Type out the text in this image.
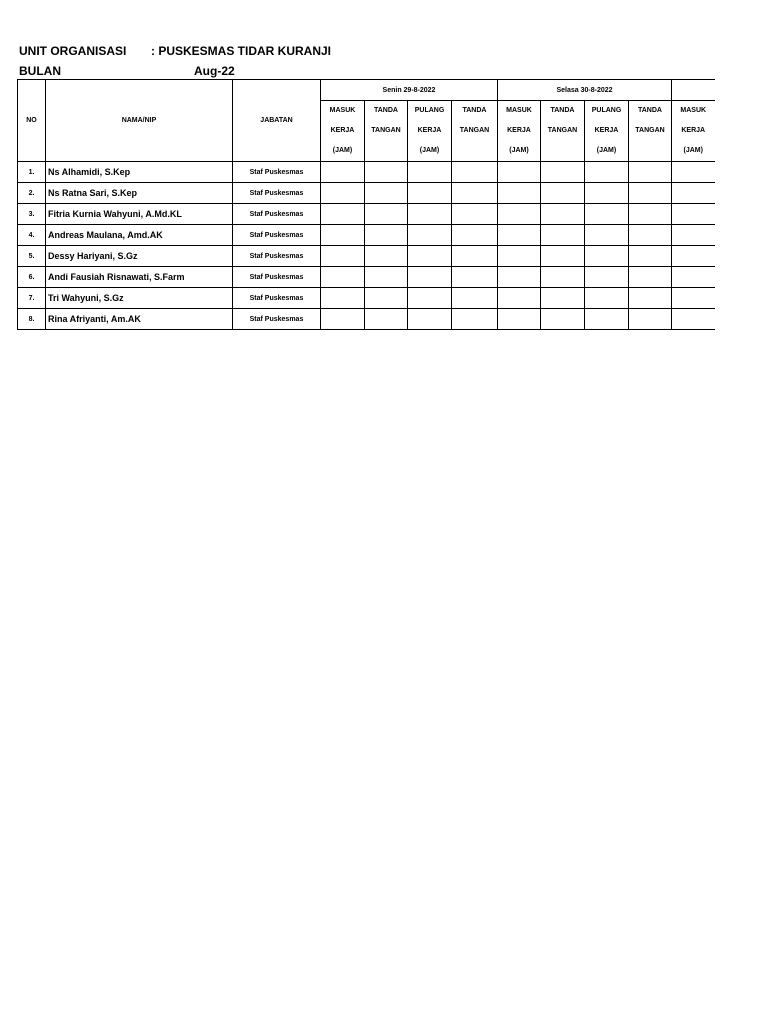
UNIT ORGANISASI : PUSKESMAS TIDAR KURANJI
BULAN	Aug-22
NO	NAMA/NIP	JABATAN	Senin 29-8-2022				Selasa 30-8-2022				

			MASUK
KERJA
(JAM)	TANDA
TANGAN	PULANG
KERJA
(JAM)	TANDA
TANGAN	MASUK
KERJA
(JAM)	TANDA
TANGAN	PULANG
KERJA
(JAM)	TANDA
TANGAN	MASUK
KERJA
(JAM)

1.	Ns Alhamidi, S.Kep	Staf Puskesmas									
2.	Ns Ratna Sari, S.Kep	Staf Puskesmas									
3.	Fitria Kurnia Wahyuni, A.Md.KL	Staf Puskesmas									
4.	Andreas Maulana, Amd.AK	Staf Puskesmas									
5.	Dessy Hariyani, S.Gz	Staf Puskesmas									
6.	Andi Fausiah Risnawati, S.Farm	Staf Puskesmas									
7.	Tri Wahyuni, S.Gz	Staf Puskesmas									
8.	Rina Afriyanti, Am.AK	Staf Puskesmas									
